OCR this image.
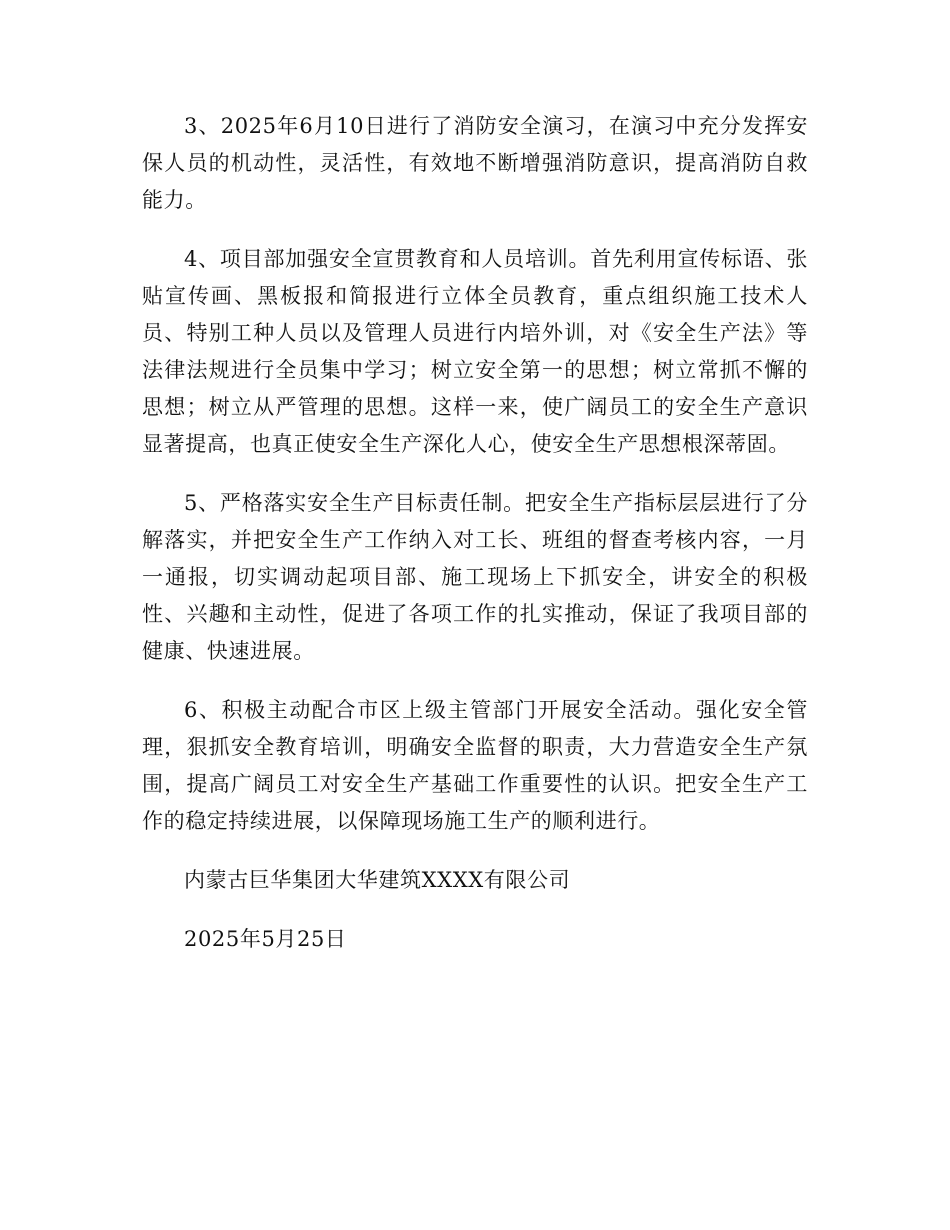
3、2025年6月10日进行了消防安全演习，在演习中充分发挥安保人员的机动性，灵活性，有效地不断增强消防意识，提高消防自救能力。

4、项目部加强安全宣贯教育和人员培训。首先利用宣传标语、张贴宣传画、黑板报和简报进行立体全员教育，重点组织施工技术人员、特别工种人员以及管理人员进行内培外训，对《安全生产法》等法律法规进行全员集中学习；树立安全第一的思想；树立常抓不懈的思想；树立从严管理的思想。这样一来，使广阔员工的安全生产意识显著提高，也真正使安全生产深化人心，使安全生产思想根深蒂固。

5、严格落实安全生产目标责任制。把安全生产指标层层进行了分解落实，并把安全生产工作纳入对工长、班组的督查考核内容，一月一通报，切实调动起项目部、施工现场上下抓安全，讲安全的积极性、兴趣和主动性，促进了各项工作的扎实推动，保证了我项目部的健康、快速进展。

6、积极主动配合市区上级主管部门开展安全活动。强化安全管理，狠抓安全教育培训，明确安全监督的职责，大力营造安全生产氛围，提高广阔员工对安全生产基础工作重要性的认识。把安全生产工作的稳定持续进展，以保障现场施工生产的顺利进行。

内蒙古巨华集团大华建筑XXXX有限公司

2025年5月25日
